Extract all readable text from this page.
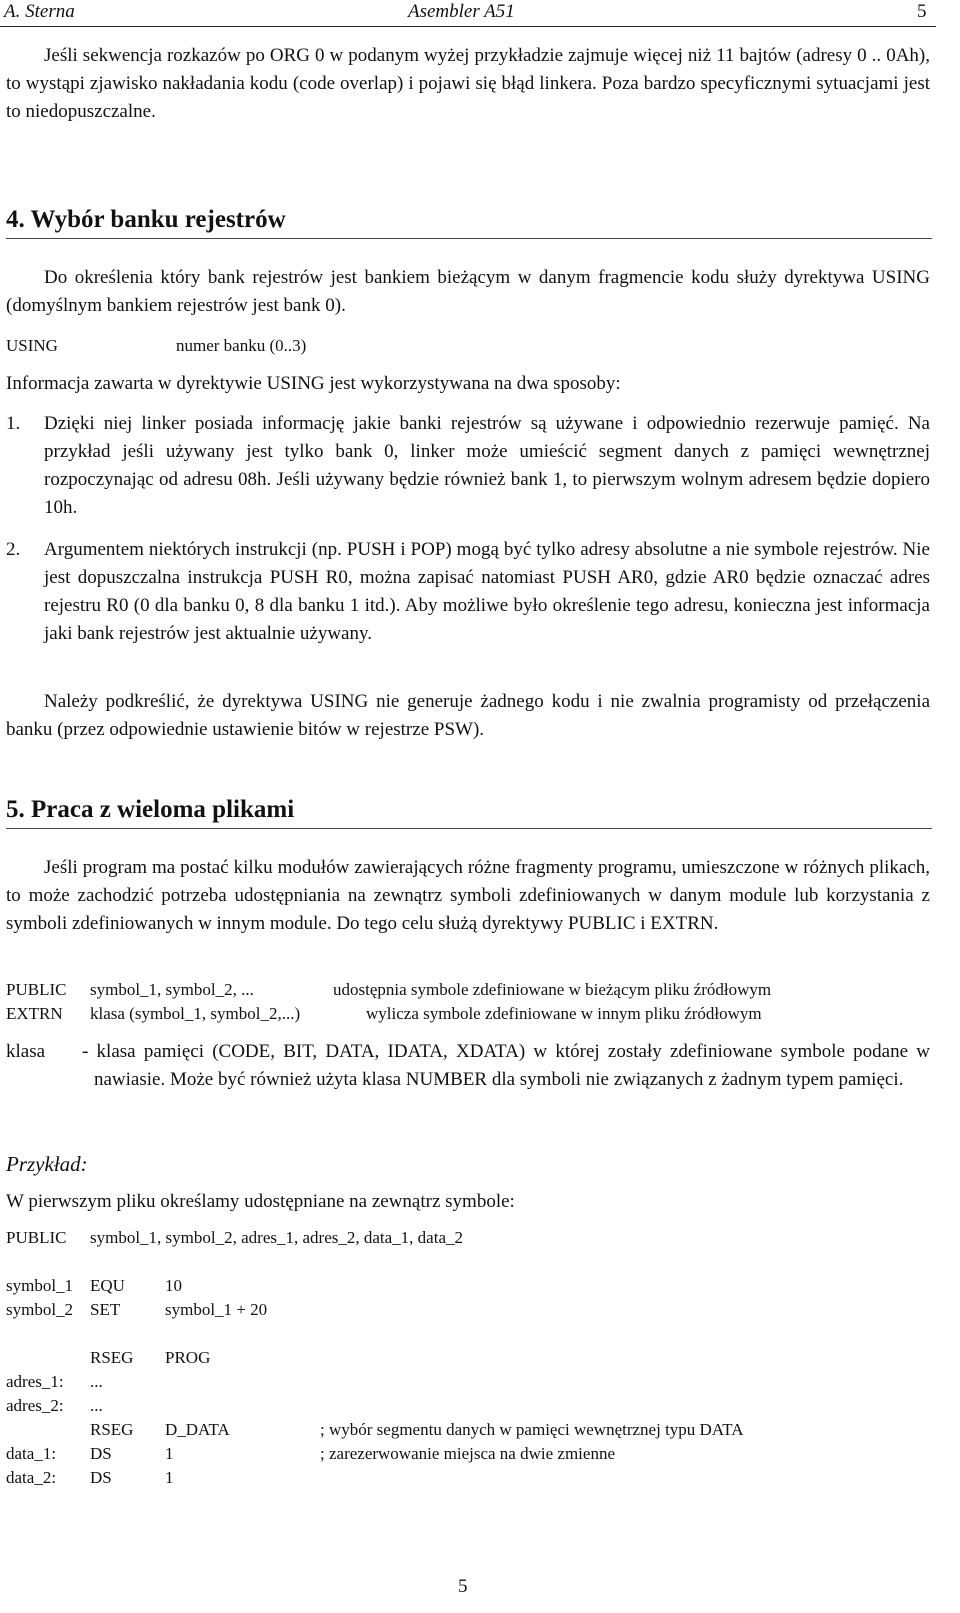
A. Sterna	Asembler A51	5

Jeśli sekwencja rozkazów po ORG 0 w podanym wyżej przykładzie zajmuje więcej niż 11 bajtów (adresy 0 .. 0Ah), to wystąpi zjawisko nakładania kodu (code overlap) i pojawi się błąd linkera. Poza bardzo specyficznymi sytuacjami jest to niedopuszczalne.

4. Wybór banku rejestrów

Do określenia który bank rejestrów jest bankiem bieżącym w danym fragmencie kodu służy dyrektywa USING (domyślnym bankiem rejestrów jest bank 0).

USING	numer banku (0..3)

Informacja zawarta w dyrektywie USING jest wykorzystywana na dwa sposoby:

1. Dzięki niej linker posiada informację jakie banki rejestrów są używane i odpowiednio rezerwuje pamięć. Na przykład jeśli używany jest tylko bank 0, linker może umieścić segment danych z pamięci wewnętrznej rozpoczynając od adresu 08h. Jeśli używany będzie również bank 1, to pierwszym wolnym adresem będzie dopiero 10h.
2. Argumentem niektórych instrukcji (np. PUSH i POP) mogą być tylko adresy absolutne a nie symbole rejestrów. Nie jest dopuszczalna instrukcja PUSH R0, można zapisać natomiast PUSH AR0, gdzie AR0 będzie oznaczać adres rejestru R0 (0 dla banku 0, 8 dla banku 1 itd.). Aby możliwe było określenie tego adresu, konieczna jest informacja jaki bank rejestrów jest aktualnie używany.

Należy podkreślić, że dyrektywa USING nie generuje żadnego kodu i nie zwalnia programisty od przełączenia banku (przez odpowiednie ustawienie bitów w rejestrze PSW).

5. Praca z wieloma plikami

Jeśli program ma postać kilku modułów zawierających różne fragmenty programu, umieszczone w różnych plikach, to może zachodzić potrzeba udostępniania na zewnątrz symboli zdefiniowanych w danym module lub korzystania z symboli zdefiniowanych w innym module. Do tego celu służą dyrektywy PUBLIC i EXTRN.

PUBLIC symbol_1, symbol_2, ...	udostępnia symbole zdefiniowane w bieżącym pliku źródłowym
EXTRN klasa (symbol_1, symbol_2,...)	wylicza symbole zdefiniowane w innym pliku źródłowym
klasa - klasa pamięci (CODE, BIT, DATA, IDATA, XDATA) w której zostały zdefiniowane symbole podane w nawiasie. Może być również użyta klasa NUMBER dla symboli nie związanych z żadnym typem pamięci.
Przykład:

W pierwszym pliku określamy udostępniane na zewnątrz symbole:

PUBLIC symbol_1, symbol_2, adres_1, adres_2, data_1, data_2
symbol_1 EQU 10
symbol_2 SET	symbol_1 + 20
RSEG PROG
adres_1: ...
adres_2: ...
RSEG D_DATA	; wybór segmentu danych w pamięci wewnętrznej typu DATA
data_1: DS	1	; zarezerwowanie miejsca na dwie zmienne
data_2: DS	1
5
